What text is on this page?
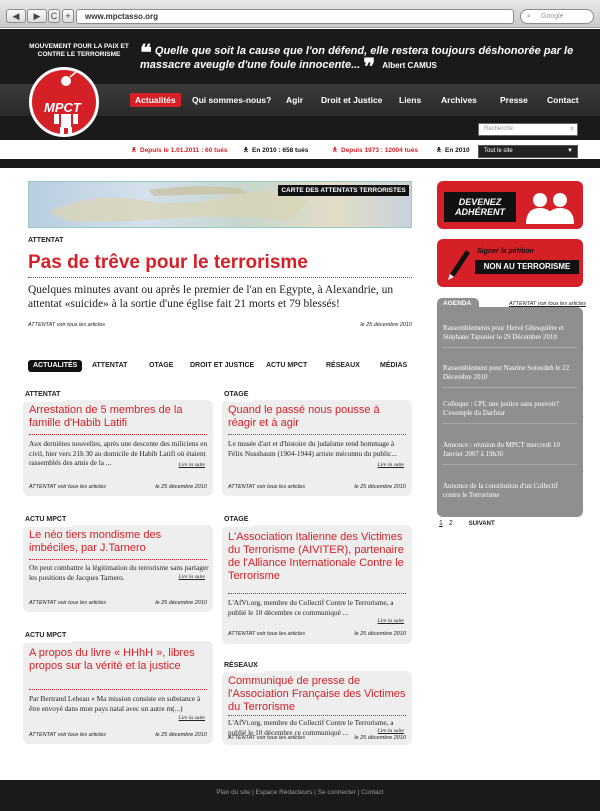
◀	▶	C +	www.mpctasso.org	⌕ Google
MOUVEMENT POUR LA PAIX ET CONTRE LE TERRORISME ❝ Quelle que soit la cause que l'on défend, elle restera toujours déshonorée par le massacre aveugle d'une foule innocente... ❞ Albert CAMUS
MPCT	Actualités	Qui sommes-nous?	Agir	Droit et Justice	Liens	Archives	Presse	Contact
Recherche	⌕
Tout le site	▼
🯅 Depuis le 1.01.2011 : 60 tués 🯅 En 2010 : 658 tués	🯅 Depuis 1973 : 12004 tués	🯅 En 2010
CARTE DES ATTENTATS TERRORISTES
ATTENTAT
Pas de trêve pour le terrorisme
Quelques minutes avant ou après le premier de l'an en Egypte, à Alexandrie, un attentat «suicide» à la sortie d'une église fait 21 morts et 79 blessés!
ATTENTAT voir tous les articles	le 25 décembre 2010
ACTUALITÉS	ATTENTAT	OTAGE DROIT ET JUSTICE ACTU MPCT	RÉSEAUX	MÉDIAS
ATTENTAT
Arrestation de 5 membres de la famille d'Habib Latifi
Aux dernières nouvelles, après une descente des miliciens en civil, hier vers 21h 30 au domicile de Habib Latifi où étaient rassemblés des amis de la ...	Lire la suite
ATTENTAT voir tous les articles	le 25 décembre 2010
ACTU MPCT
Le néo tiers mondisme des imbéciles, par J.Tarnero
On peut combattre la légitimation du terrorisme sans partager les positions de Jacques Tarnero.	Lire la suite
ATTENTAT voir tous les articles	le 25 décembre 2010
ACTU MPCT
A propos du livre « HHhH », libres propos sur la vérité et la justice
Par Bertrand Lebeau « Ma mission consiste en substance à être envoyé dans mon pays natal avec un autre m(...)
Lire la suite
ATTENTAT voir tous les articles	le 25 décembre 2010
OTAGE
Quand le passé nous pousse à réagir et à agir
Le musée d'art et d'histoire du judaïsme rend hommage à Félix Nussbaum (1904-1944) artiste méconnu du public...
Lire la suite
ATTENTAT voir tous les articles	le 25 décembre 2010
OTAGE
L'Association Italienne des Victimes du Terrorisme (AIVITER), partenaire de l'Alliance Internationale Contre le Terrorisme
L'AfVt.org, membre du Collectif Contre le Terrorisme, a publié le 10 décembre ce communiqué ...
Lire la suite
ATTENTAT voir tous les articles	le 25 décembre 2010
RÉSEAUX
Communiqué de presse de l'Association Française des Victimes du Terrorisme
L'AfVt.org, membre du Collectif Contre le Terrorisme, a publié le 10 décembre ce communiqué ...	Lire la suite
ATTENTAT voir tous les articles	le 25 décembre 2010
DEVENEZ ADHÉRENT
Signer la pétition
NON AU TERRORISME
AGENDA	ATTENTAT voir tous les articles
Rassemblements pour Hervé Ghesquière et Stéphane Taponier le 29 Décembre 2010
Rassemblement pour Nasrine Sotoudeh le 22 Décembre 2010
Colloque : CPI, une justice sans pouvoir? L'exemple du Darfour
Annonce : réunion du MPCT mercredi 10 Janvier 2007 à 19h30
Annonce de la constitution d'un Collectif contre le Terrorisme
1 2	SUIVANT
Plan du site | Espace Rédacteurs | Se connecter | Contact
